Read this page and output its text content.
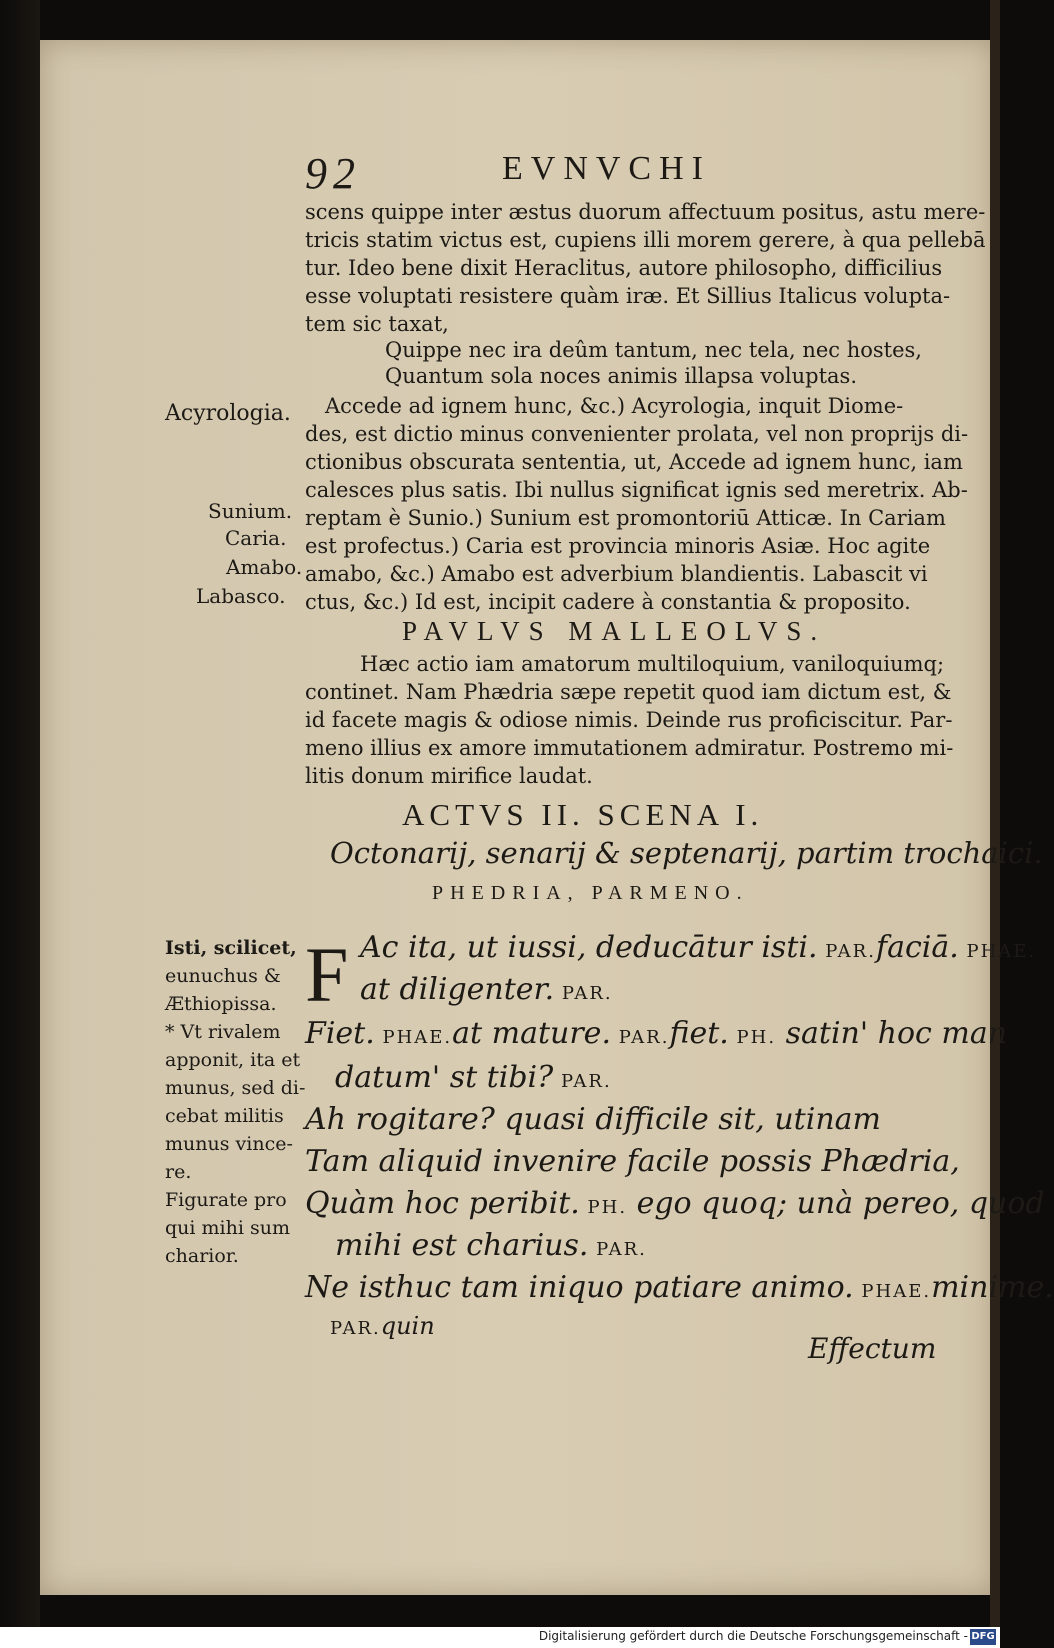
92	EVNVCHI
scens quippe inter æstus duorum affectuum positus, astu mere-
tricis statim victus est, cupiens illi morem gerere, à qua pellebā
tur. Ideo bene dixit Heraclitus, autore philosopho, difficilius
esse voluptati resistere quàm iræ. Et Sillius Italicus volupta-
tem sic taxat,
Quippe nec ira deûm tantum, nec tela, nec hostes,
Quantum sola noces animis illapsa voluptas.
Accede ad ignem hunc, &c.) Acyrologia, inquit Diome-
des, est dictio minus convenienter prolata, vel non proprijs di-
ctionibus obscurata sententia, ut, Accede ad ignem hunc, iam
calesces plus satis. Ibi nullus significat ignis sed meretrix. Ab-
reptam è Sunio.) Sunium est promontoriū Atticæ. In Cariam
est profectus.) Caria est provincia minoris Asiæ. Hoc agite
amabo, &c.) Amabo est adverbium blandientis. Labascit vi
ctus, &c.) Id est, incipit cadere à constantia & proposito.
Acyrologia.
Sunium.
Caria.
Amabo.
Labasco.
PAVLVS MALLEOLVS.
Hæc actio iam amatorum multiloquium, vaniloquiumq;
continet. Nam Phædria sæpe repetit quod iam dictum est, &
id facete magis & odiose nimis. Deinde rus proficiscitur. Par-
meno illius ex amore immutationem admiratur. Postremo mi-
litis donum mirifice laudat.
ACTVS II. SCENA I.
Octonarij, senarij & septenarij, partim trochaici.
PHEDRIA, PARMENO.
F Ac ita, ut iussi, deducātur isti. PAR.faciā. PHAE.
at diligenter. PAR.
Fiet. PHAE.at mature. PAR.fiet. PH. satin' hoc man
datum' st tibi? PAR.
Ah rogitare? quasi difficile sit, utinam
Tam aliquid invenire facile possis Phædria,
Quàm hoc peribit. PH. ego quoq; unà pereo, quod
mihi est charius. PAR.
Ne isthuc tam iniquo patiare animo. PHAE.minime.
PAR.quin
Isti, scilicet,
eunuchus &
Æthiopissa.
* Vt rivalem
apponit, ita et
munus, sed di-
cebat militis
munus vince-
re.
Figurate pro
qui mihi sum
charior.
Effectum
Digitalisierung gefördert durch die Deutsche Forschungsgemeinschaft - DFG
